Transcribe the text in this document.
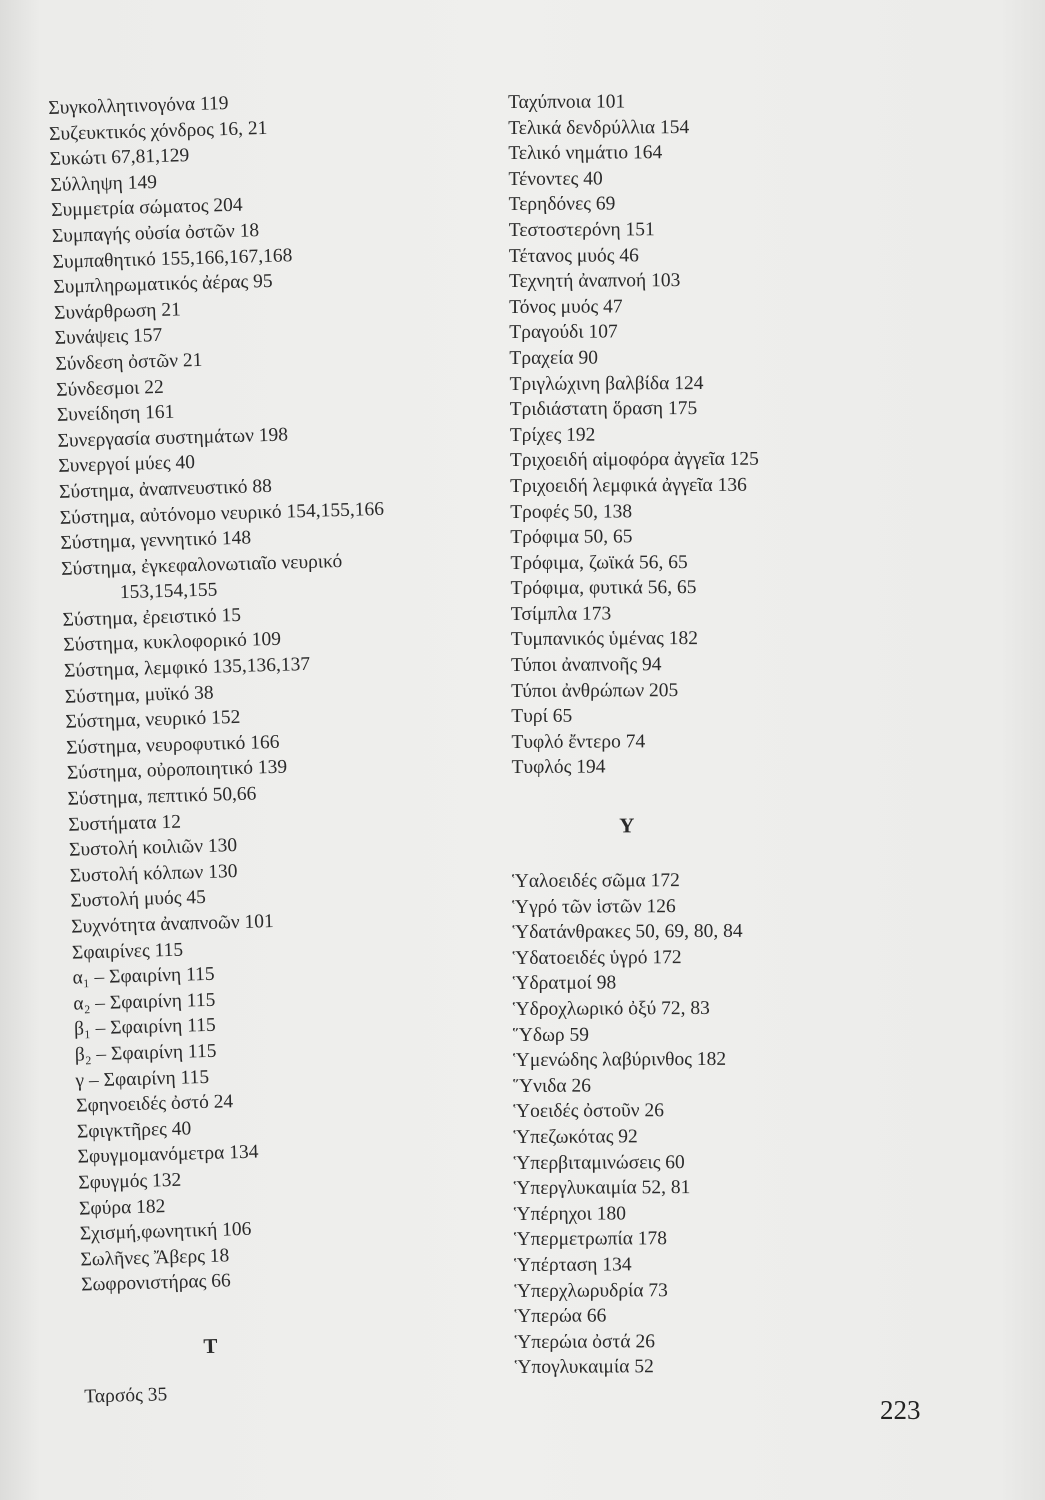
Συγκολλητινογόνα 119
Συζευκτικός χόνδρος 16, 21
Συκώτι 67,81,129
Σύλληψη 149
Συμμετρία σώματος 204
Συμπαγής οὐσία ὀστῶν 18
Συμπαθητικό 155,166,167,168
Συμπληρωματικός ἀέρας 95
Συνάρθρωση 21
Συνάψεις 157
Σύνδεση ὀστῶν 21
Σύνδεσμοι 22
Συνείδηση 161
Συνεργασία συστημάτων 198
Συνεργοί μύες 40
Σύστημα, ἀναπνευστικό 88
Σύστημα, αὐτόνομο νευρικό 154,155,166
Σύστημα, γεννητικό 148
Σύστημα, ἐγκεφαλονωτιαῖο νευρικό
153,154,155
Σύστημα, ἐρειστικό 15
Σύστημα, κυκλοφορικό 109
Σύστημα, λεμφικό 135,136,137
Σύστημα, μυϊκό 38
Σύστημα, νευρικό 152
Σύστημα, νευροφυτικό 166
Σύστημα, οὐροποιητικό 139
Σύστημα, πεπτικό 50,66
Συστήματα 12
Συστολή κοιλιῶν 130
Συστολή κόλπων 130
Συστολή μυός 45
Συχνότητα ἀναπνοῶν 101
Σφαιρίνες 115
α₁ – Σφαιρίνη 115
α₂ – Σφαιρίνη 115
β₁ – Σφαιρίνη 115
β₂ – Σφαιρίνη 115
γ – Σφαιρίνη 115
Σφηνοειδές ὀστό 24
Σφιγκτῆρες 40
Σφυγμομανόμετρα 134
Σφυγμός 132
Σφύρα 182
Σχισμή,φωνητική 106
Σωλῆνες Ἄβερς 18
Σωφρονιστήρας 66
Τ
Ταρσός 35
Ταχύπνοια 101
Τελικά δενδρύλλια 154
Τελικό νημάτιο 164
Τένοντες 40
Τερηδόνες 69
Τεστοστερόνη 151
Τέτανος μυός 46
Τεχνητή ἀναπνοή 103
Τόνος μυός 47
Τραγούδι 107
Τραχεία 90
Τριγλώχινη βαλβίδα 124
Τριδιάστατη ὅραση 175
Τρίχες 192
Τριχοειδή αἱμοφόρα ἀγγεῖα 125
Τριχοειδή λεμφικά ἀγγεῖα 136
Τροφές 50, 138
Τρόφιμα 50, 65
Τρόφιμα, ζωϊκά 56, 65
Τρόφιμα, φυτικά 56, 65
Τσίμπλα 173
Τυμπανικός ὑμένας 182
Τύποι ἀναπνοῆς 94
Τύποι ἀνθρώπων 205
Τυρί 65
Τυφλό ἔντερο 74
Τυφλός 194
Υ
Ὑαλοειδές σῶμα 172
Ὑγρό τῶν ἱστῶν 126
Ὑδατάνθρακες 50, 69, 80, 84
Ὑδατοειδές ὑγρό 172
Ὑδρατμοί 98
Ὑδροχλωρικό ὀξύ 72, 83
Ὕδωρ 59
Ὑμενώδης λαβύρινθος 182
Ὕνιδα 26
Ὑοειδές ὀστοῦν 26
Ὑπεζωκότας 92
Ὑπερβιταμινώσεις 60
Ὑπεργλυκαιμία 52, 81
Ὑπέρηχοι 180
Ὑπερμετρωπία 178
Ὑπέρταση 134
Ὑπερχλωρυδρία 73
Ὑπερώα 66
Ὑπερώια ὀστά 26
Ὑπογλυκαιμία 52
223
